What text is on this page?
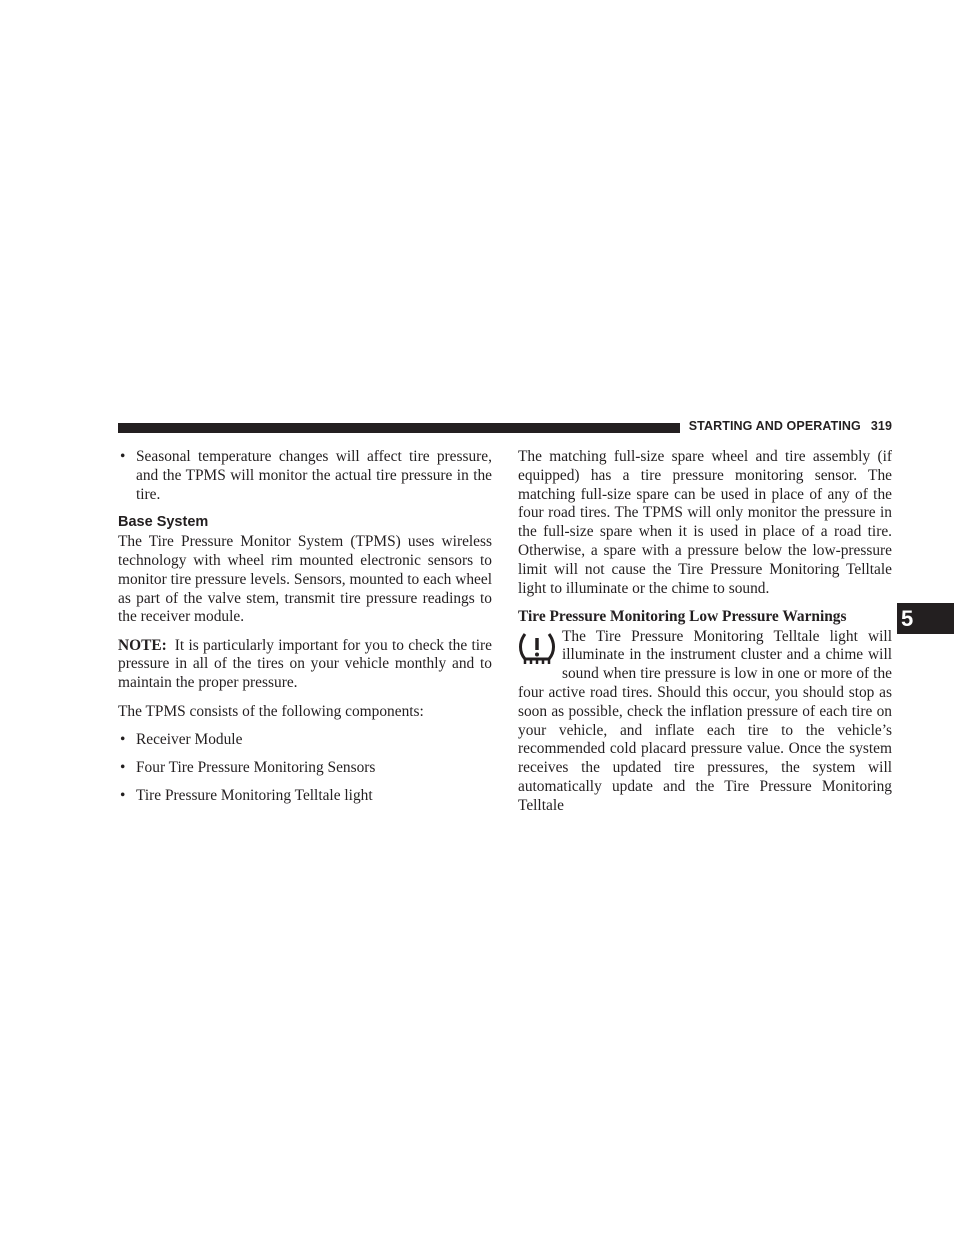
STARTING AND OPERATING 319
5
• Seasonal temperature changes will affect tire pressure, and the TPMS will monitor the actual tire pressure in the tire.
Base System

The Tire Pressure Monitor System (TPMS) uses wireless technology with wheel rim mounted electronic sensors to monitor tire pressure levels. Sensors, mounted to each wheel as part of the valve stem, transmit tire pressure readings to the receiver module.

NOTE: It is particularly important for you to check the tire pressure in all of the tires on your vehicle monthly and to maintain the proper pressure.

The TPMS consists of the following components:

• Receiver Module
• Four Tire Pressure Monitoring Sensors
• Tire Pressure Monitoring Telltale light

The matching full-size spare wheel and tire assembly (if equipped) has a tire pressure monitoring sensor. The matching full-size spare can be used in place of any of the four road tires. The TPMS will only monitor the pressure in the full-size spare when it is used in place of a road tire. Otherwise, a spare with a pressure below the low-pressure limit will not cause the Tire Pressure Monitoring Telltale light to illuminate or the chime to sound.

Tire Pressure Monitoring Low Pressure Warnings

The Tire Pressure Monitoring Telltale light will illuminate in the instrument cluster and a chime will sound when tire pressure is low in one or more of the four active road tires. Should this occur, you should stop as soon as possible, check the inflation pressure of each tire on your vehicle, and inflate each tire to the vehicle’s recommended cold placard pressure value. Once the system receives the updated tire pressures, the system will automatically update and the Tire Pressure Monitoring Telltale
